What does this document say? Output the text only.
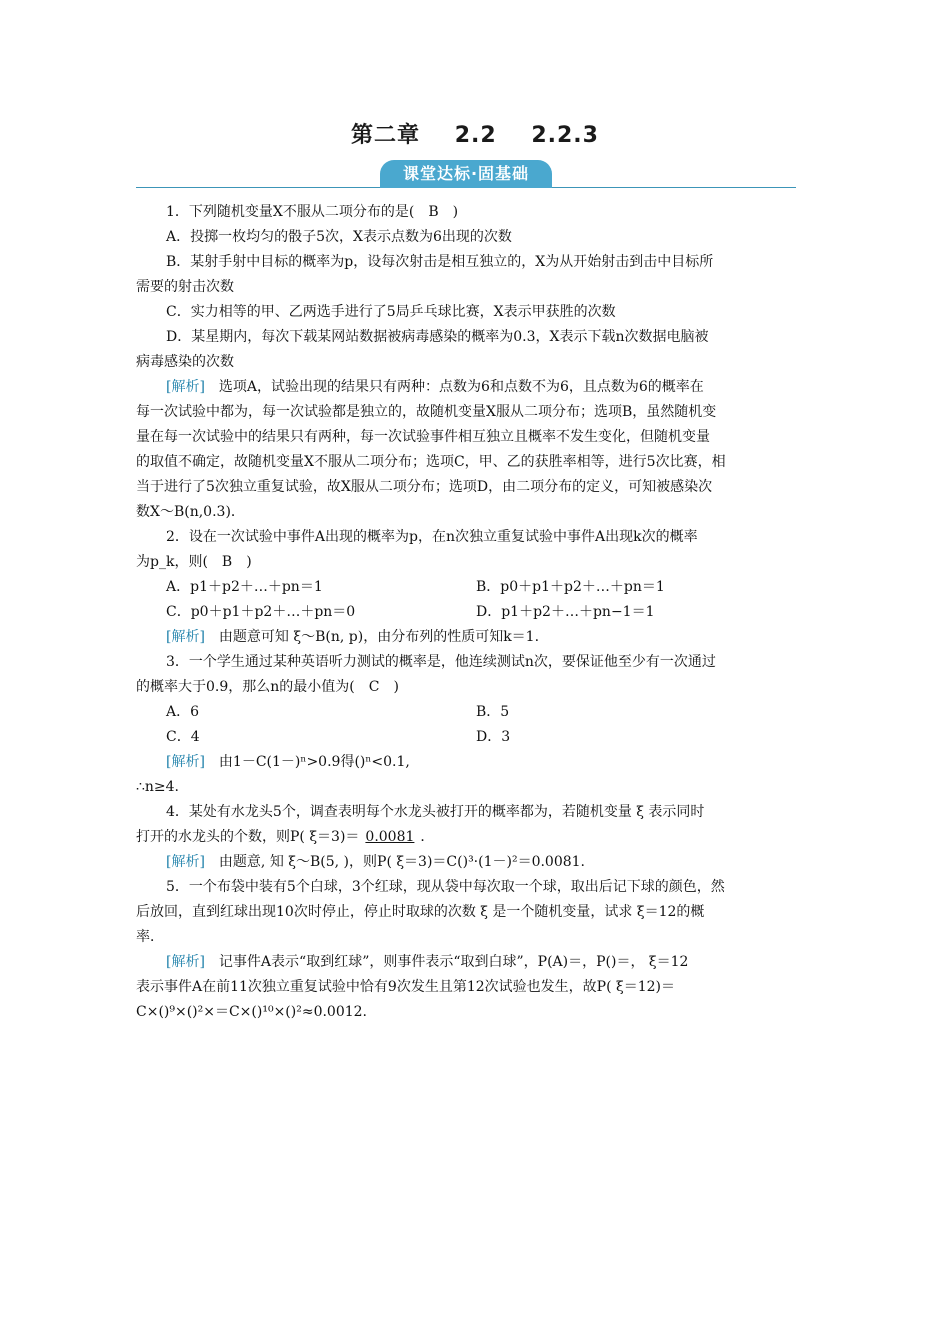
第二章 2.2 2.2.3
课堂达标·固基础

1．下列随机变量X不服从二项分布的是(　B　)

A．投掷一枚均匀的骰子5次，X表示点数为6出现的次数

B．某射手射中目标的概率为p，设每次射击是相互独立的，X为从开始射击到击中目标所

需要的射击次数

C．实力相等的甲、乙两选手进行了5局乒乓球比赛，X表示甲获胜的次数

D．某星期内，每次下载某网站数据被病毒感染的概率为0.3，X表示下载n次数据电脑被

病毒感染的次数

[解析]　选项A，试验出现的结果只有两种：点数为6和点数不为6，且点数为6的概率在

每一次试验中都为，每一次试验都是独立的，故随机变量X服从二项分布；选项B，虽然随机变

量在每一次试验中的结果只有两种，每一次试验事件相互独立且概率不发生变化，但随机变量

的取值不确定，故随机变量X不服从二项分布；选项C，甲、乙的获胜率相等，进行5次比赛，相

当于进行了5次独立重复试验，故X服从二项分布；选项D，由二项分布的定义，可知被感染次

数X～B(n,0.3)．

2．设在一次试验中事件A出现的概率为p，在n次独立重复试验中事件A出现k次的概率

为p_k，则(　B　)

A．p1＋p2＋…＋pn＝1	B．p0＋p1＋p2＋…＋pn＝1
C．p0＋p1＋p2＋…＋pn＝0	D．p1＋p2＋…＋pn−1＝1

[解析]　由题意可知 ξ～B(n, p)，由分布列的性质可知k＝1.

3．一个学生通过某种英语听力测试的概率是，他连续测试n次，要保证他至少有一次通过

的概率大于0.9，那么n的最小值为(　C　)

A．6	B．5
C．4	D．3

[解析]　由1－C(1－)ⁿ>0.9得()ⁿ<0.1,

∴n≥4.

4．某处有水龙头5个，调查表明每个水龙头被打开的概率都为，若随机变量 ξ 表示同时

打开的水龙头的个数，则P( ξ＝3)＝ 0.0081 ．

[解析]　由题意, 知 ξ～B(5, )，则P( ξ＝3)＝C()³·(1－)²＝0.0081.

5．一个布袋中装有5个白球，3个红球，现从袋中每次取一个球，取出后记下球的颜色，然

后放回，直到红球出现10次时停止，停止时取球的次数 ξ 是一个随机变量，试求 ξ＝12的概

率．

[解析]　记事件A表示“取到红球”，则事件表示“取到白球”，P(A)＝，P()＝， ξ＝12

表示事件A在前11次独立重复试验中恰有9次发生且第12次试验也发生，故P( ξ＝12)＝

C×()⁹×()²×＝C×()¹⁰×()²≈0.0012.
